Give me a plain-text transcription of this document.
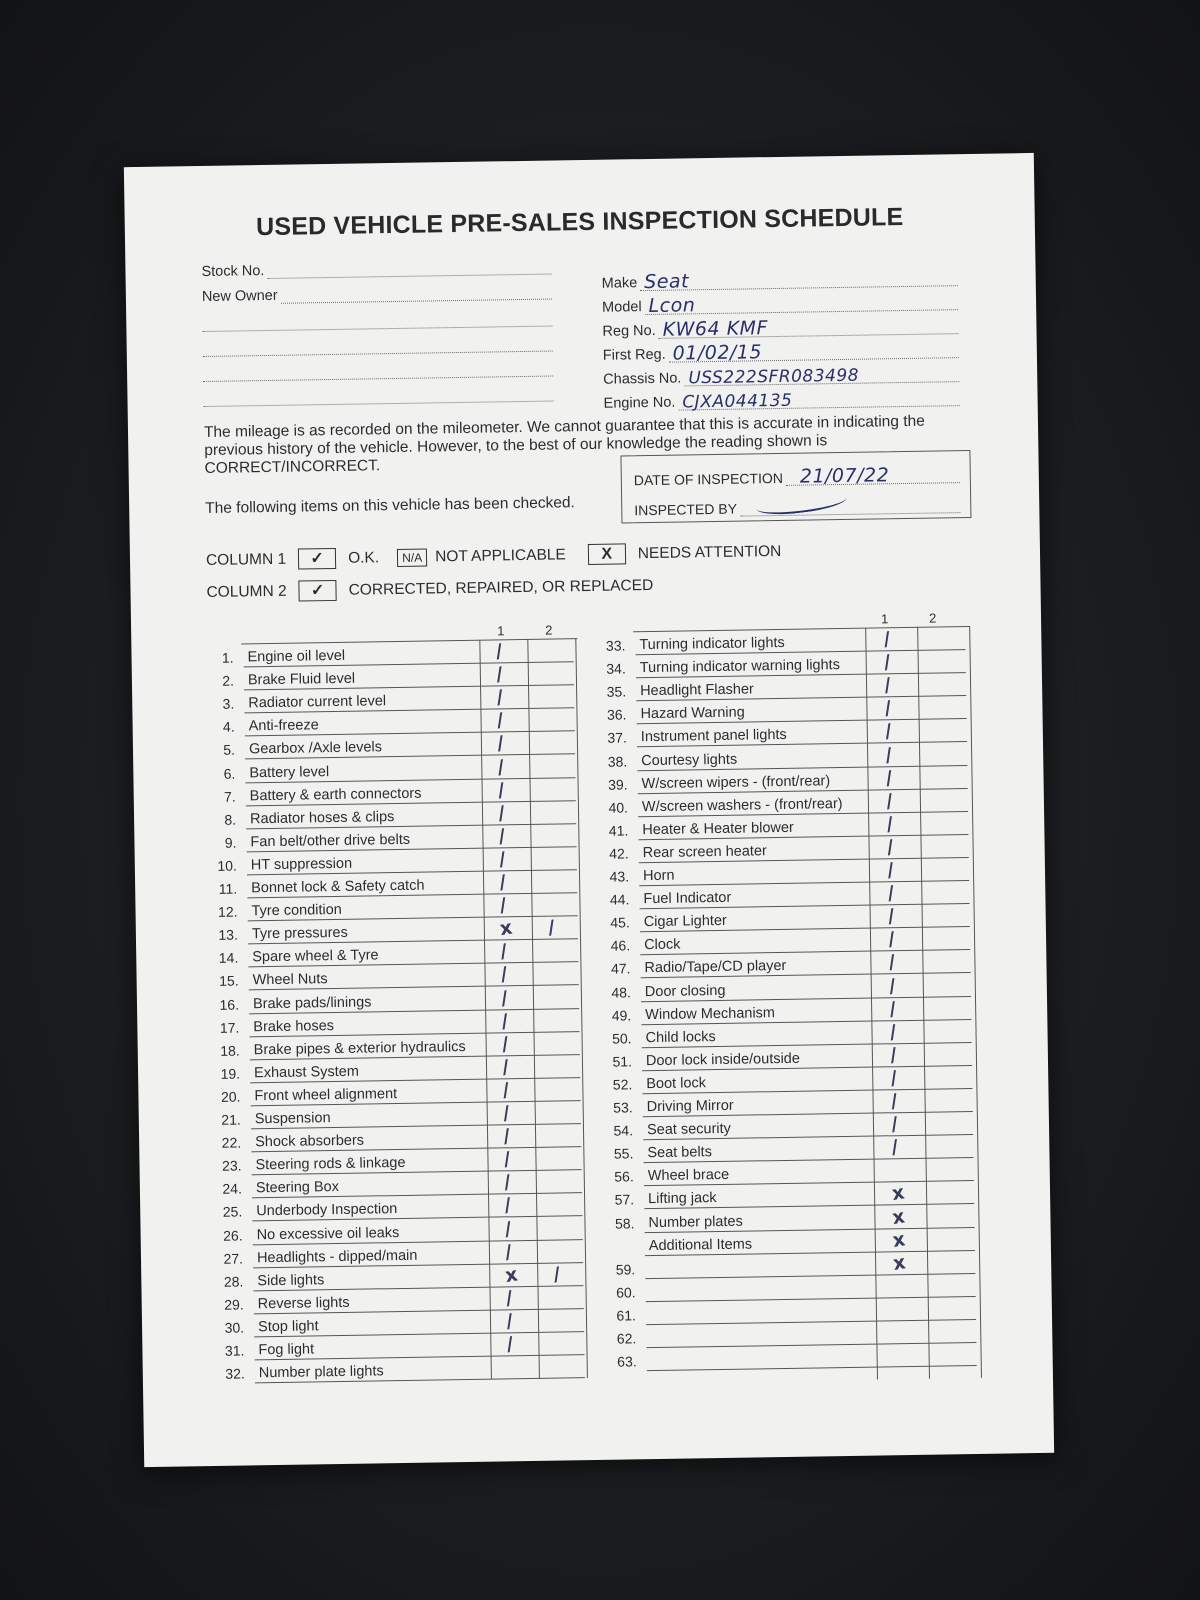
USED VEHICLE PRE-SALES INSPECTION SCHEDULE
Stock No.
New Owner
Make Seat
Model Lcon
Reg No. KW64 KMF
First Reg. 01/02/15
Chassis No. USS222SFR083498
Engine No. CJXA044135
The mileage is as recorded on the mileometer. We cannot guarantee that this is accurate in indicating the previous history of the vehicle. However, to the best of our knowledge the reading shown is CORRECT/INCORRECT.
The following items on this vehicle has been checked.
DATE OF INSPECTION 21/07/22
INSPECTED BY
COLUMN 1	✓	O.K.	N/A NOT APPLICABLE	X	NEEDS ATTENTION
COLUMN 2	✓	CORRECTED, REPAIRED, OR REPLACED
1	2
1. Engine oil level	/
2. Brake Fluid level	/
3. Radiator current level	/
4. Anti-freeze	/
5. Gearbox /Axle levels	/
6. Battery level	/
7. Battery & earth connectors	/
8. Radiator hoses & clips	/
9. Fan belt/other drive belts	/
10. HT suppression	/
11. Bonnet lock & Safety catch	/
12. Tyre condition	/
13. Tyre pressures	x /
14. Spare wheel & Tyre	/
15. Wheel Nuts	/
16. Brake pads/linings	/
17. Brake hoses	/
18. Brake pipes & exterior hydraulics /
19. Exhaust System	/
20. Front wheel alignment	/
21. Suspension	/
22. Shock absorbers	/
23. Steering rods & linkage	/
24. Steering Box	/
25. Underbody Inspection	/
26. No excessive oil leaks	/
27. Headlights - dipped/main	/
28. Side lights	x /
29. Reverse lights	/
30. Stop light	/
31. Fog light	/
32. Number plate lights
1	2
33. Turning indicator lights	/
34. Turning indicator warning lights /
35. Headlight Flasher	/
36. Hazard Warning	/
37. Instrument panel lights	/
38. Courtesy lights	/
39. W/screen wipers - (front/rear)	/
40. W/screen washers - (front/rear) /
41. Heater & Heater blower	/
42. Rear screen heater	/
43. Horn	/
44. Fuel Indicator	/
45. Cigar Lighter	/
46. Clock	/
47. Radio/Tape/CD player	/
48. Door closing	/
49. Window Mechanism	/
50. Child locks	/
51. Door lock inside/outside	/
52. Boot lock	/
53. Driving Mirror	/
54. Seat security	/
55. Seat belts	/
56. Wheel brace
57. Lifting jack	x
58. Number plates	x
Additional Items	x
59.	x
60.
61.
62.
63.
